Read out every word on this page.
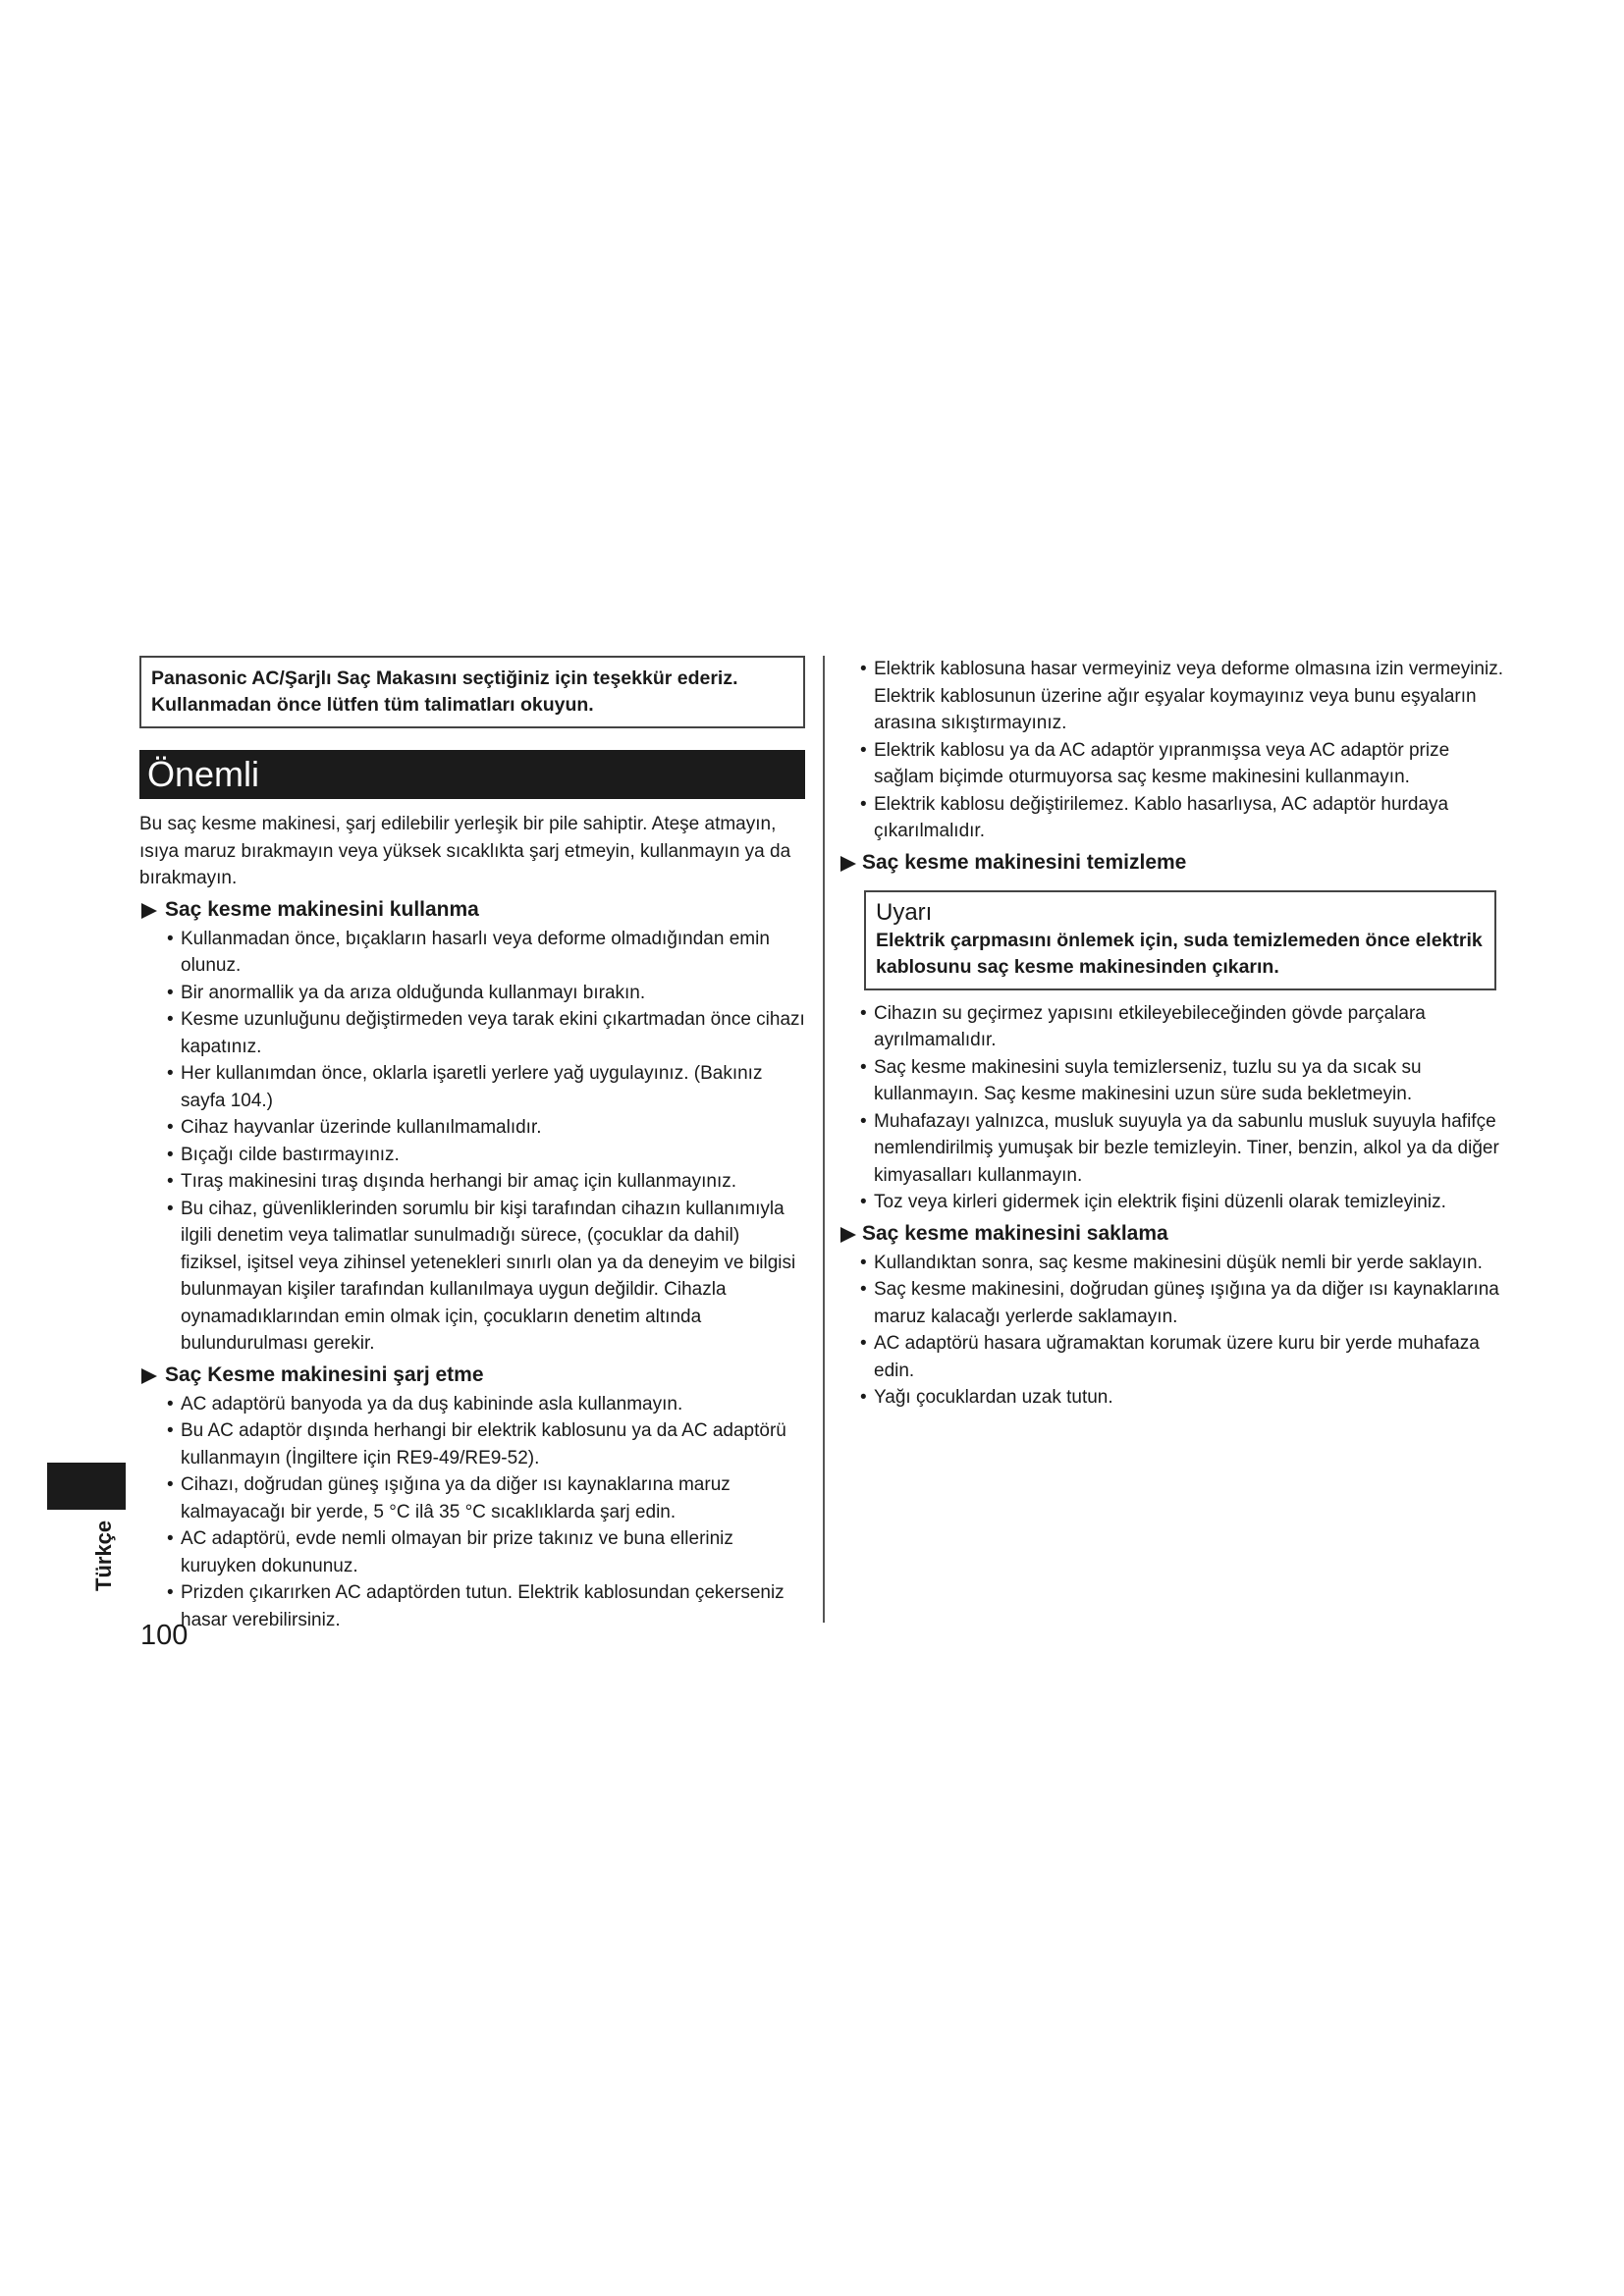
Panasonic AC/Şarjlı Saç Makasını seçtiğiniz için teşekkür ederiz.
Kullanmadan önce lütfen tüm talimatları okuyun.
Önemli

Bu saç kesme makinesi, şarj edilebilir yerleşik bir pile sahiptir. Ateşe atmayın, ısıya maruz bırakmayın veya yüksek sıcaklıkta şarj etmeyin, kullanmayın ya da bırakmayın.

Saç kesme makinesini kullanma
• Kullanmadan önce, bıçakların hasarlı veya deforme olmadığından emin olunuz.
• Bir anormallik ya da arıza olduğunda kullanmayı bırakın.
• Kesme uzunluğunu değiştirmeden veya tarak ekini çıkartmadan önce cihazı kapatınız.
• Her kullanımdan önce, oklarla işaretli yerlere yağ uygulayınız. (Bakınız sayfa 104.)
• Cihaz hayvanlar üzerinde kullanılmamalıdır.
• Bıçağı cilde bastırmayınız.
• Tıraş makinesini tıraş dışında herhangi bir amaç için kullanmayınız.
• Bu cihaz, güvenliklerinden sorumlu bir kişi tarafından cihazın kullanımıyla ilgili denetim veya talimatlar sunulmadığı sürece, (çocuklar da dahil) fiziksel, işitsel veya zihinsel yetenekleri sınırlı olan ya da deneyim ve bilgisi bulunmayan kişiler tarafından kullanılmaya uygun değildir. Cihazla oynamadıklarından emin olmak için, çocukların denetim altında bulundurulması gerekir.
Saç Kesme makinesini şarj etme
• AC adaptörü banyoda ya da duş kabininde asla kullanmayın.
• Bu AC adaptör dışında herhangi bir elektrik kablosunu ya da AC adaptörü kullanmayın (İngiltere için RE9-49/RE9-52).
• Cihazı, doğrudan güneş ışığına ya da diğer ısı kaynaklarına maruz kalmayacağı bir yerde, 5 °C ilâ 35 °C sıcaklıklarda şarj edin.
• AC adaptörü, evde nemli olmayan bir prize takınız ve buna elleriniz kuruyken dokununuz.
• Prizden çıkarırken AC adaptörden tutun. Elektrik kablosundan çekerseniz hasar verebilirsiniz.
• Elektrik kablosuna hasar vermeyiniz veya deforme olmasına izin vermeyiniz. Elektrik kablosunun üzerine ağır eşyalar koymayınız veya bunu eşyaların arasına sıkıştırmayınız.
• Elektrik kablosu ya da AC adaptör yıpranmışsa veya AC adaptör prize sağlam biçimde oturmuyorsa saç kesme makinesini kullanmayın.
• Elektrik kablosu değiştirilemez. Kablo hasarlıysa, AC adaptör hurdaya çıkarılmalıdır.
Saç kesme makinesini temizleme

Uyarı

Elektrik çarpmasını önlemek için, suda temizlemeden önce elektrik kablosunu saç kesme makinesinden çıkarın.

• Cihazın su geçirmez yapısını etkileyebileceğinden gövde parçalara ayrılmamalıdır.
• Saç kesme makinesini suyla temizlerseniz, tuzlu su ya da sıcak su kullanmayın. Saç kesme makinesini uzun süre suda bekletmeyin.
• Muhafazayı yalnızca, musluk suyuyla ya da sabunlu musluk suyuyla hafifçe nemlendirilmiş yumuşak bir bezle temizleyin. Tiner, benzin, alkol ya da diğer kimyasalları kullanmayın.
• Toz veya kirleri gidermek için elektrik fişini düzenli olarak temizleyiniz.
Saç kesme makinesini saklama
• Kullandıktan sonra, saç kesme makinesini düşük nemli bir yerde saklayın.
• Saç kesme makinesini, doğrudan güneş ışığına ya da diğer ısı kaynaklarına maruz kalacağı yerlerde saklamayın.
• AC adaptörü hasara uğramaktan korumak üzere kuru bir yerde muhafaza edin.
• Yağı çocuklardan uzak tutun.
Türkçe
100
